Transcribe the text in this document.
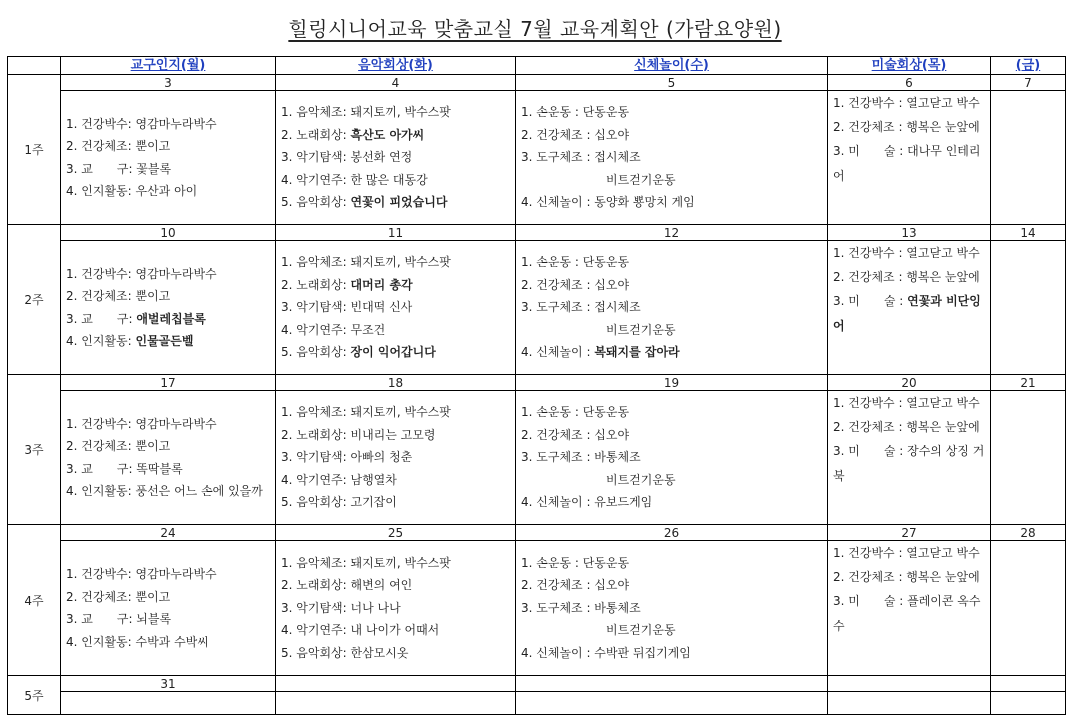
힐링시니어교육 맞춤교실 7월 교육계획안 (가람요양원)
	교구인지(월)	음악회상(화)	신체놀이(수)	미술회상(목)	(금)
1주	3	4	5	6	7

	1. 건강박수: 영감마누라박수
2. 건강체조: 뿐이고
3. 교　　구: 꽃블록
4. 인지활동: 우산과 아이	1. 음악체조: 돼지토끼, 박수스팟
2. 노래회상: 흑산도 아가씨
3. 악기탐색: 봉선화 연정
4. 악기연주: 한 많은 대동강
5. 음악회상: 연꽃이 피었습니다	1. 손운동 : 단동운동
2. 건강체조 : 십오야
3. 도구체조 : 접시체조
비트걷기운동
4. 신체놀이 : 동양화 뿅망치 게임	1. 건강박수 : 열고닫고 박수
2. 건강체조 : 행복은 눈앞에
3. 미　　술 : 대나무 인테리어	

2주	10	11	12	13	14

	1. 건강박수: 영감마누라박수
2. 건강체조: 뿐이고
3. 교　　구: 애벌레칩블록
4. 인지활동: 인물골든벨	1. 음악체조: 돼지토끼, 박수스팟
2. 노래회상: 대머리 총각
3. 악기탐색: 빈대떡 신사
4. 악기연주: 무조건
5. 음악회상: 장이 익어갑니다	1. 손운동 : 단동운동
2. 건강체조 : 십오야
3. 도구체조 : 접시체조
비트걷기운동
4. 신체놀이 : 복돼지를 잡아라	1. 건강박수 : 열고닫고 박수
2. 건강체조 : 행복은 눈앞에
3. 미　　술 : 연꽃과 비단잉어	

3주	17	18	19	20	21

	1. 건강박수: 영감마누라박수
2. 건강체조: 뿐이고
3. 교　　구: 똑딱블록
4. 인지활동: 풍선은 어느 손에 있을까	1. 음악체조: 돼지토끼, 박수스팟
2. 노래회상: 비내리는 고모령
3. 악기탐색: 아빠의 청춘
4. 악기연주: 남행열차
5. 음악회상: 고기잡이	1. 손운동 : 단동운동
2. 건강체조 : 십오야
3. 도구체조 : 바통체조
비트걷기운동
4. 신체놀이 : 유보드게임	1. 건강박수 : 열고닫고 박수
2. 건강체조 : 행복은 눈앞에
3. 미　　술 : 장수의 상징 거북	

4주	24	25	26	27	28

	1. 건강박수: 영감마누라박수
2. 건강체조: 뿐이고
3. 교　　구: 뇌블록
4. 인지활동: 수박과 수박씨	1. 음악체조: 돼지토끼, 박수스팟
2. 노래회상: 해변의 여인
3. 악기탐색: 너나 나나
4. 악기연주: 내 나이가 어때서
5. 음악회상: 한삼모시옷	1. 손운동 : 단동운동
2. 건강체조 : 십오야
3. 도구체조 : 바통체조
비트걷기운동
4. 신체놀이 : 수박판 뒤집기게임	1. 건강박수 : 열고닫고 박수
2. 건강체조 : 행복은 눈앞에
3. 미　　술 : 플레이콘 옥수수	

5주	31				
